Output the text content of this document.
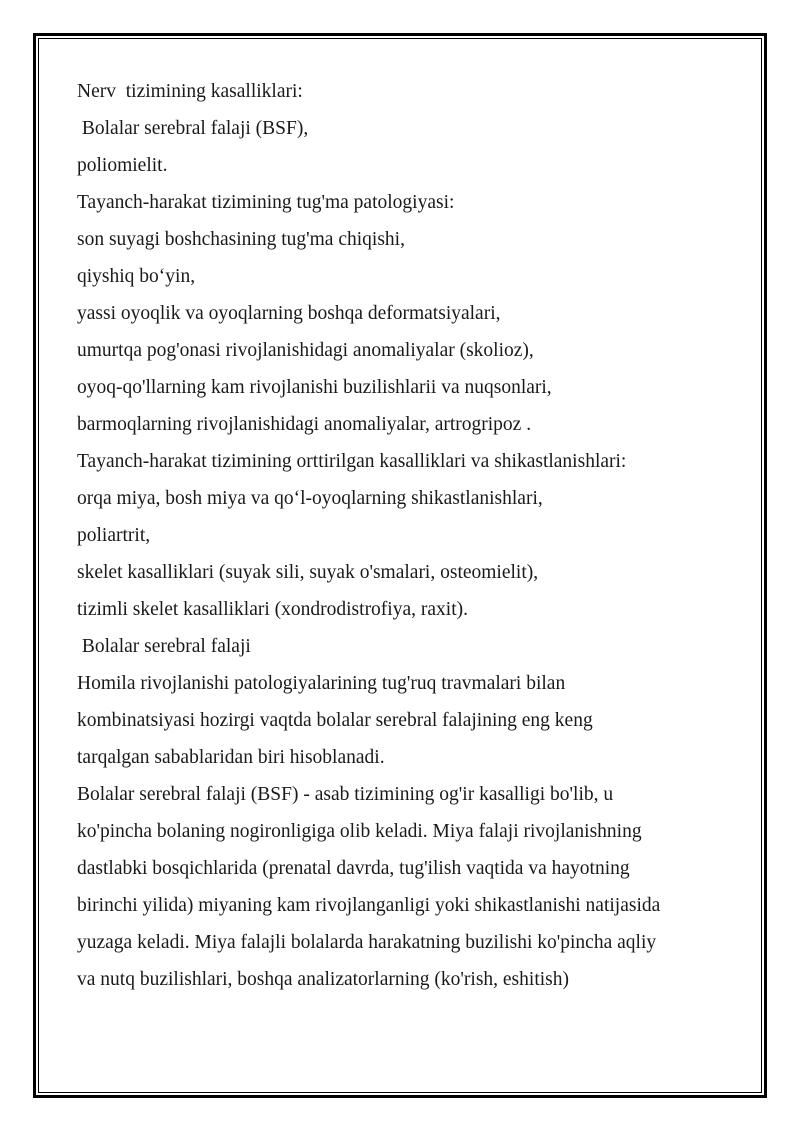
Nerv  tizimining kasalliklari:
Bolalar serebral falaji (BSF),
poliomielit.
Tayanch-harakat tizimining tug'ma patologiyasi:
son suyagi boshchasining tug'ma chiqishi,
qiyshiq bo‘yin,
yassi oyoqlik va oyoqlarning boshqa deformatsiyalari,
umurtqa pog'onasi rivojlanishidagi anomaliyalar (skolioz),
oyoq-qo'llarning kam rivojlanishi buzilishlarii va nuqsonlari,
barmoqlarning rivojlanishidagi anomaliyalar, artrogripoz .
Tayanch-harakat tizimining orttirilgan kasalliklari va shikastlanishlari:
orqa miya, bosh miya va qo‘l-oyoqlarning shikastlanishlari,
poliartrit,
skelet kasalliklari (suyak sili, suyak o'smalari, osteomielit),
tizimli skelet kasalliklari (xondrodistrofiya, raxit).
Bolalar serebral falaji
Homila rivojlanishi patologiyalarining tug'ruq travmalari bilan
kombinatsiyasi hozirgi vaqtda bolalar serebral falajining eng keng
tarqalgan sabablaridan biri hisoblanadi.
Bolalar serebral falaji (BSF) - asab tizimining og'ir kasalligi bo'lib, u
ko'pincha bolaning nogironligiga olib keladi. Miya falaji rivojlanishning
dastlabki bosqichlarida (prenatal davrda, tug'ilish vaqtida va hayotning
birinchi yilida) miyaning kam rivojlanganligi yoki shikastlanishi natijasida
yuzaga keladi. Miya falajli bolalarda harakatning buzilishi ko'pincha aqliy
va nutq buzilishlari, boshqa analizatorlarning (ko'rish, eshitish)
